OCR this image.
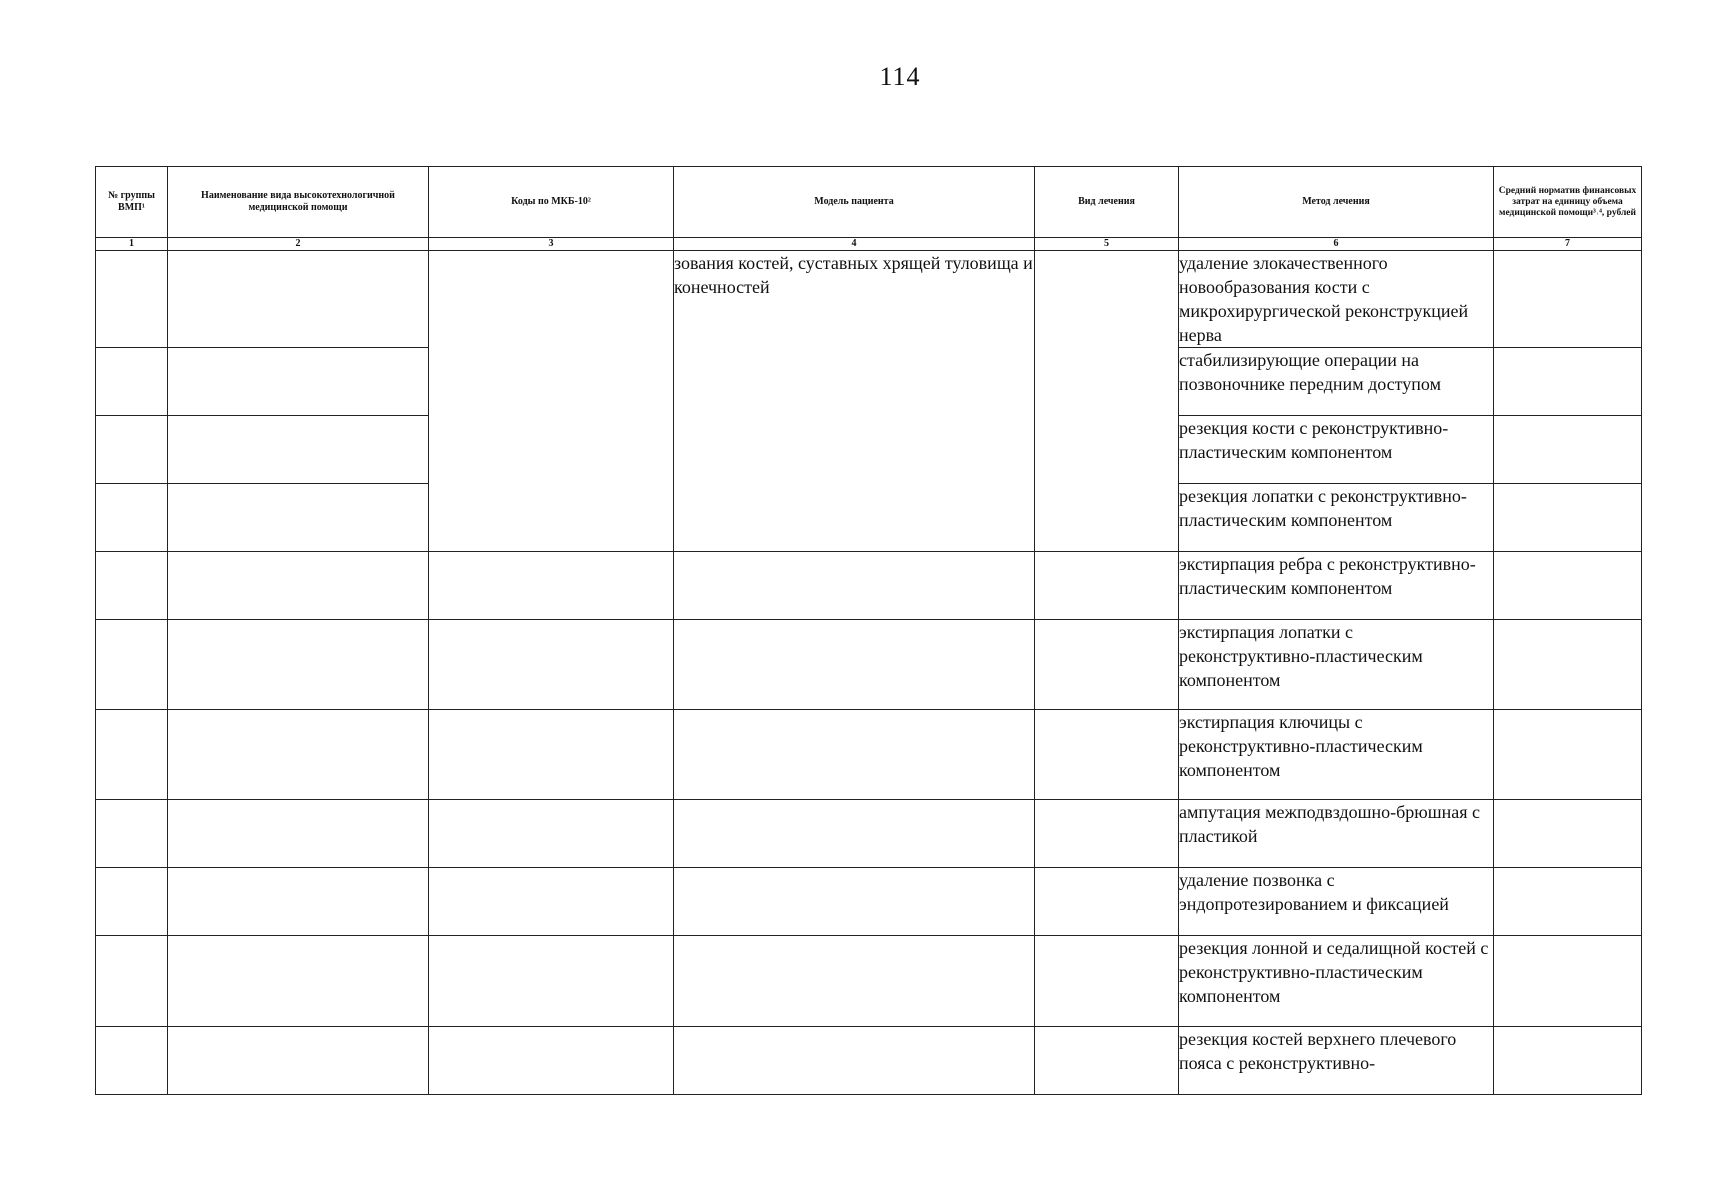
114
№ группы ВМП¹	Наименование вида высокотехнологичной медицинской помощи	Коды по МКБ-10²	Модель пациента	Вид лечения	Метод лечения	Средний норматив финансовых затрат на единицу объема медицинской помощи³˒⁴, рублей
1	2	3	4	5	6	7
			зования костей, суставных хрящей туловища и конечностей		удаление злокачественного новообразования кости с микрохирургической реконструкцией нерва	
					стабилизирующие операции на позвоночнике передним доступом	
					резекция кости с реконструктивно-пластическим компонентом	
					резекция лопатки с реконструктивно-пластическим компонентом	
					экстирпация ребра с реконструктивно-пластическим компонентом	
					экстирпация лопатки с реконструктивно-пластическим компонентом	
					экстирпация ключицы с реконструктивно-пластическим компонентом	
					ампутация межподвздошно-брюшная с пластикой	
					удаление позвонка с эндопротезированием и фиксацией	
					резекция лонной и седалищной костей с реконструктивно-пластическим компонентом	
					резекция костей верхнего плечевого пояса с реконструктивно-	
